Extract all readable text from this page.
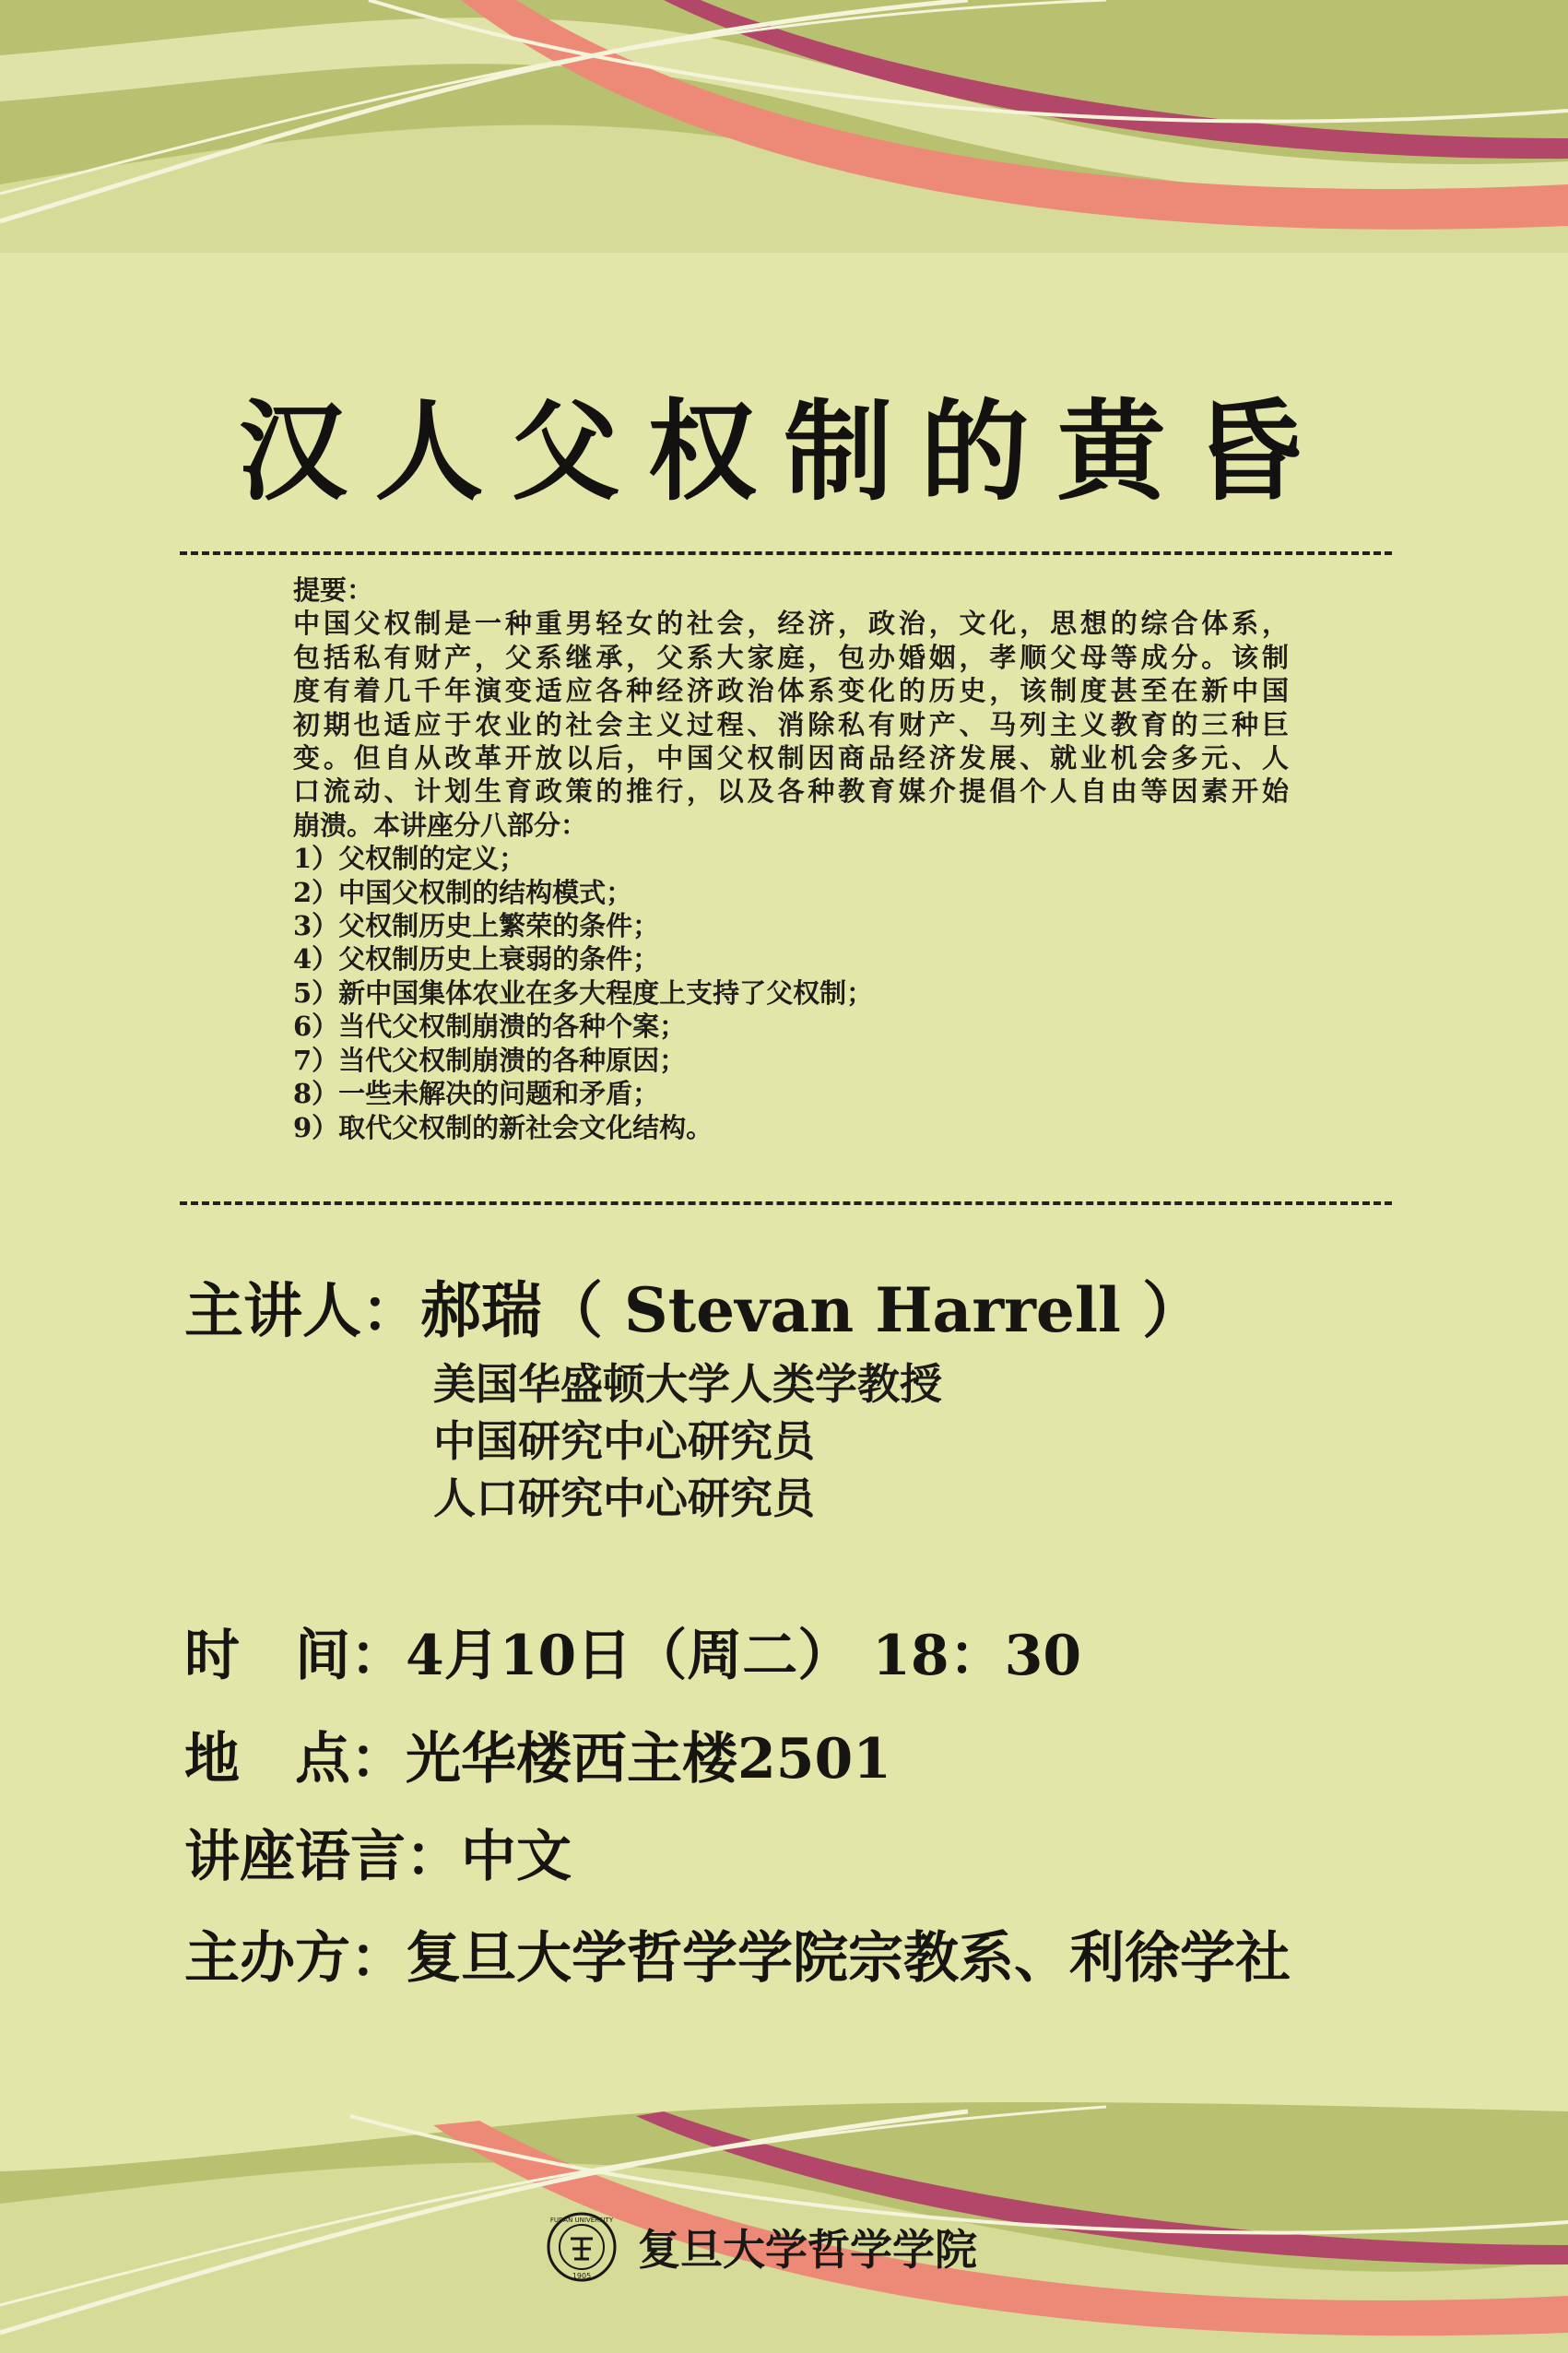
汉人父权制的黄昏
提要：
中国父权制是一种重男轻女的社会，经济，政治，文化，思想的综合体系，
包括私有财产，父系继承，父系大家庭，包办婚姻，孝顺父母等成分。该制
度有着几千年演变适应各种经济政治体系变化的历史，该制度甚至在新中国
初期也适应于农业的社会主义过程、消除私有财产、马列主义教育的三种巨
变。但自从改革开放以后，中国父权制因商品经济发展、就业机会多元、人
口流动、计划生育政策的推行，以及各种教育媒介提倡个人自由等因素开始
崩溃。本讲座分八部分：
1）父权制的定义；
2）中国父权制的结构模式；
3）父权制历史上繁荣的条件；
4）父权制历史上衰弱的条件；
5）新中国集体农业在多大程度上支持了父权制；
6）当代父权制崩溃的各种个案；
7）当代父权制崩溃的各种原因；
8）一些未解决的问题和矛盾；
9）取代父权制的新社会文化结构。
主讲人：郝瑞（ Stevan Harrell ）
美国华盛顿大学人类学教授
中国研究中心研究员
人口研究中心研究员
时　间：4月10日（周二） 18：30
地　点：光华楼西主楼2501
讲座语言：中文
主办方：复旦大学哲学学院宗教系、利徐学社
FUDAN UNIVERSITY
1905
复旦大学哲学学院
